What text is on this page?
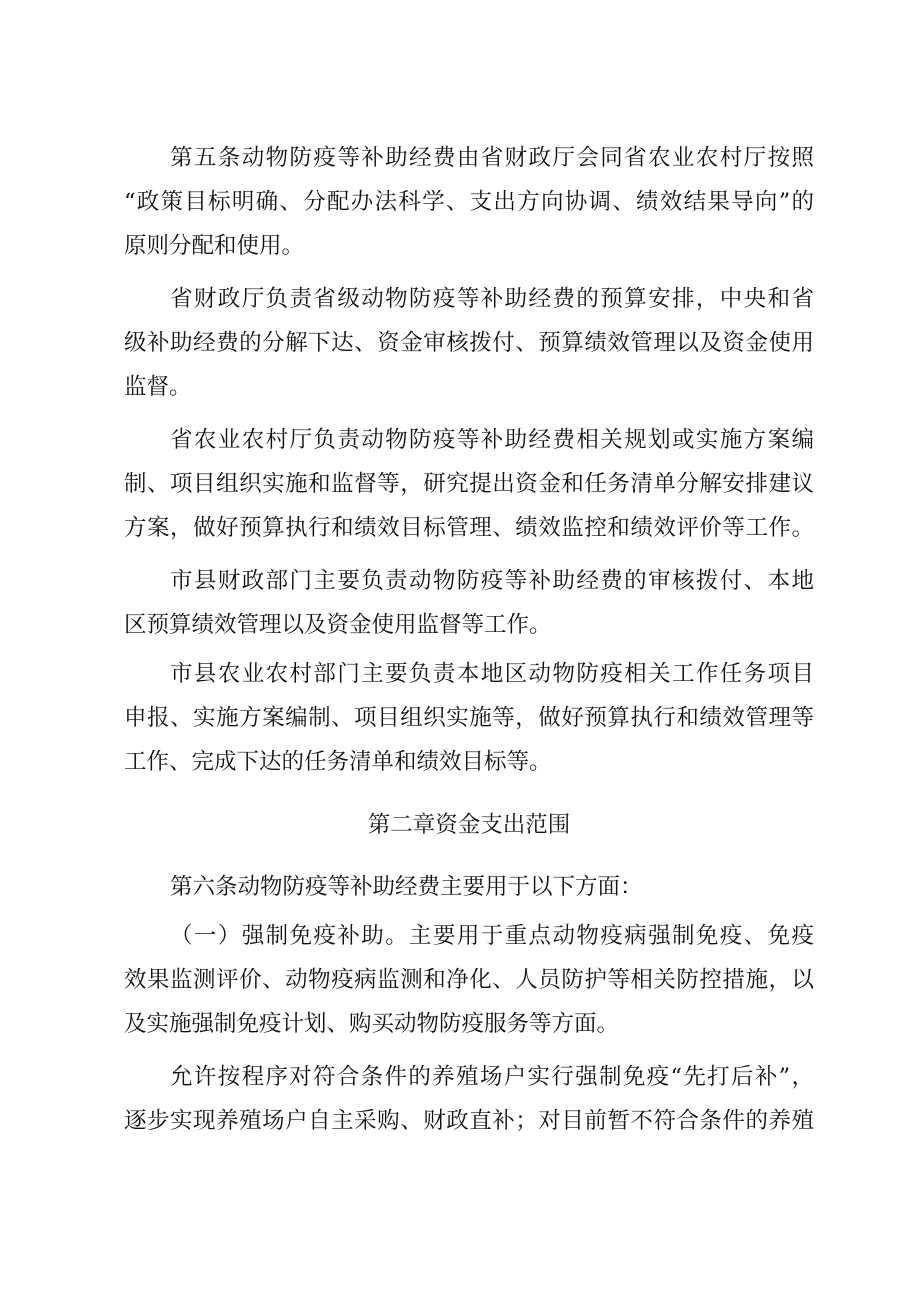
第五条动物防疫等补助经费由省财政厅会同省农业农村厅按照
“政策目标明确、分配办法科学、支出方向协调、绩效结果导向”的
原则分配和使用。
省财政厅负责省级动物防疫等补助经费的预算安排，中央和省
级补助经费的分解下达、资金审核拨付、预算绩效管理以及资金使用
监督。
省农业农村厅负责动物防疫等补助经费相关规划或实施方案编
制、项目组织实施和监督等，研究提出资金和任务清单分解安排建议
方案，做好预算执行和绩效目标管理、绩效监控和绩效评价等工作。
市县财政部门主要负责动物防疫等补助经费的审核拨付、本地
区预算绩效管理以及资金使用监督等工作。
市县农业农村部门主要负责本地区动物防疫相关工作任务项目
申报、实施方案编制、项目组织实施等，做好预算执行和绩效管理等
工作、完成下达的任务清单和绩效目标等。
第二章资金支出范围
第六条动物防疫等补助经费主要用于以下方面：
（一）强制免疫补助。主要用于重点动物疫病强制免疫、免疫
效果监测评价、动物疫病监测和净化、人员防护等相关防控措施，以
及实施强制免疫计划、购买动物防疫服务等方面。
允许按程序对符合条件的养殖场户实行强制免疫“先打后补”，
逐步实现养殖场户自主采购、财政直补；对目前暂不符合条件的养殖
